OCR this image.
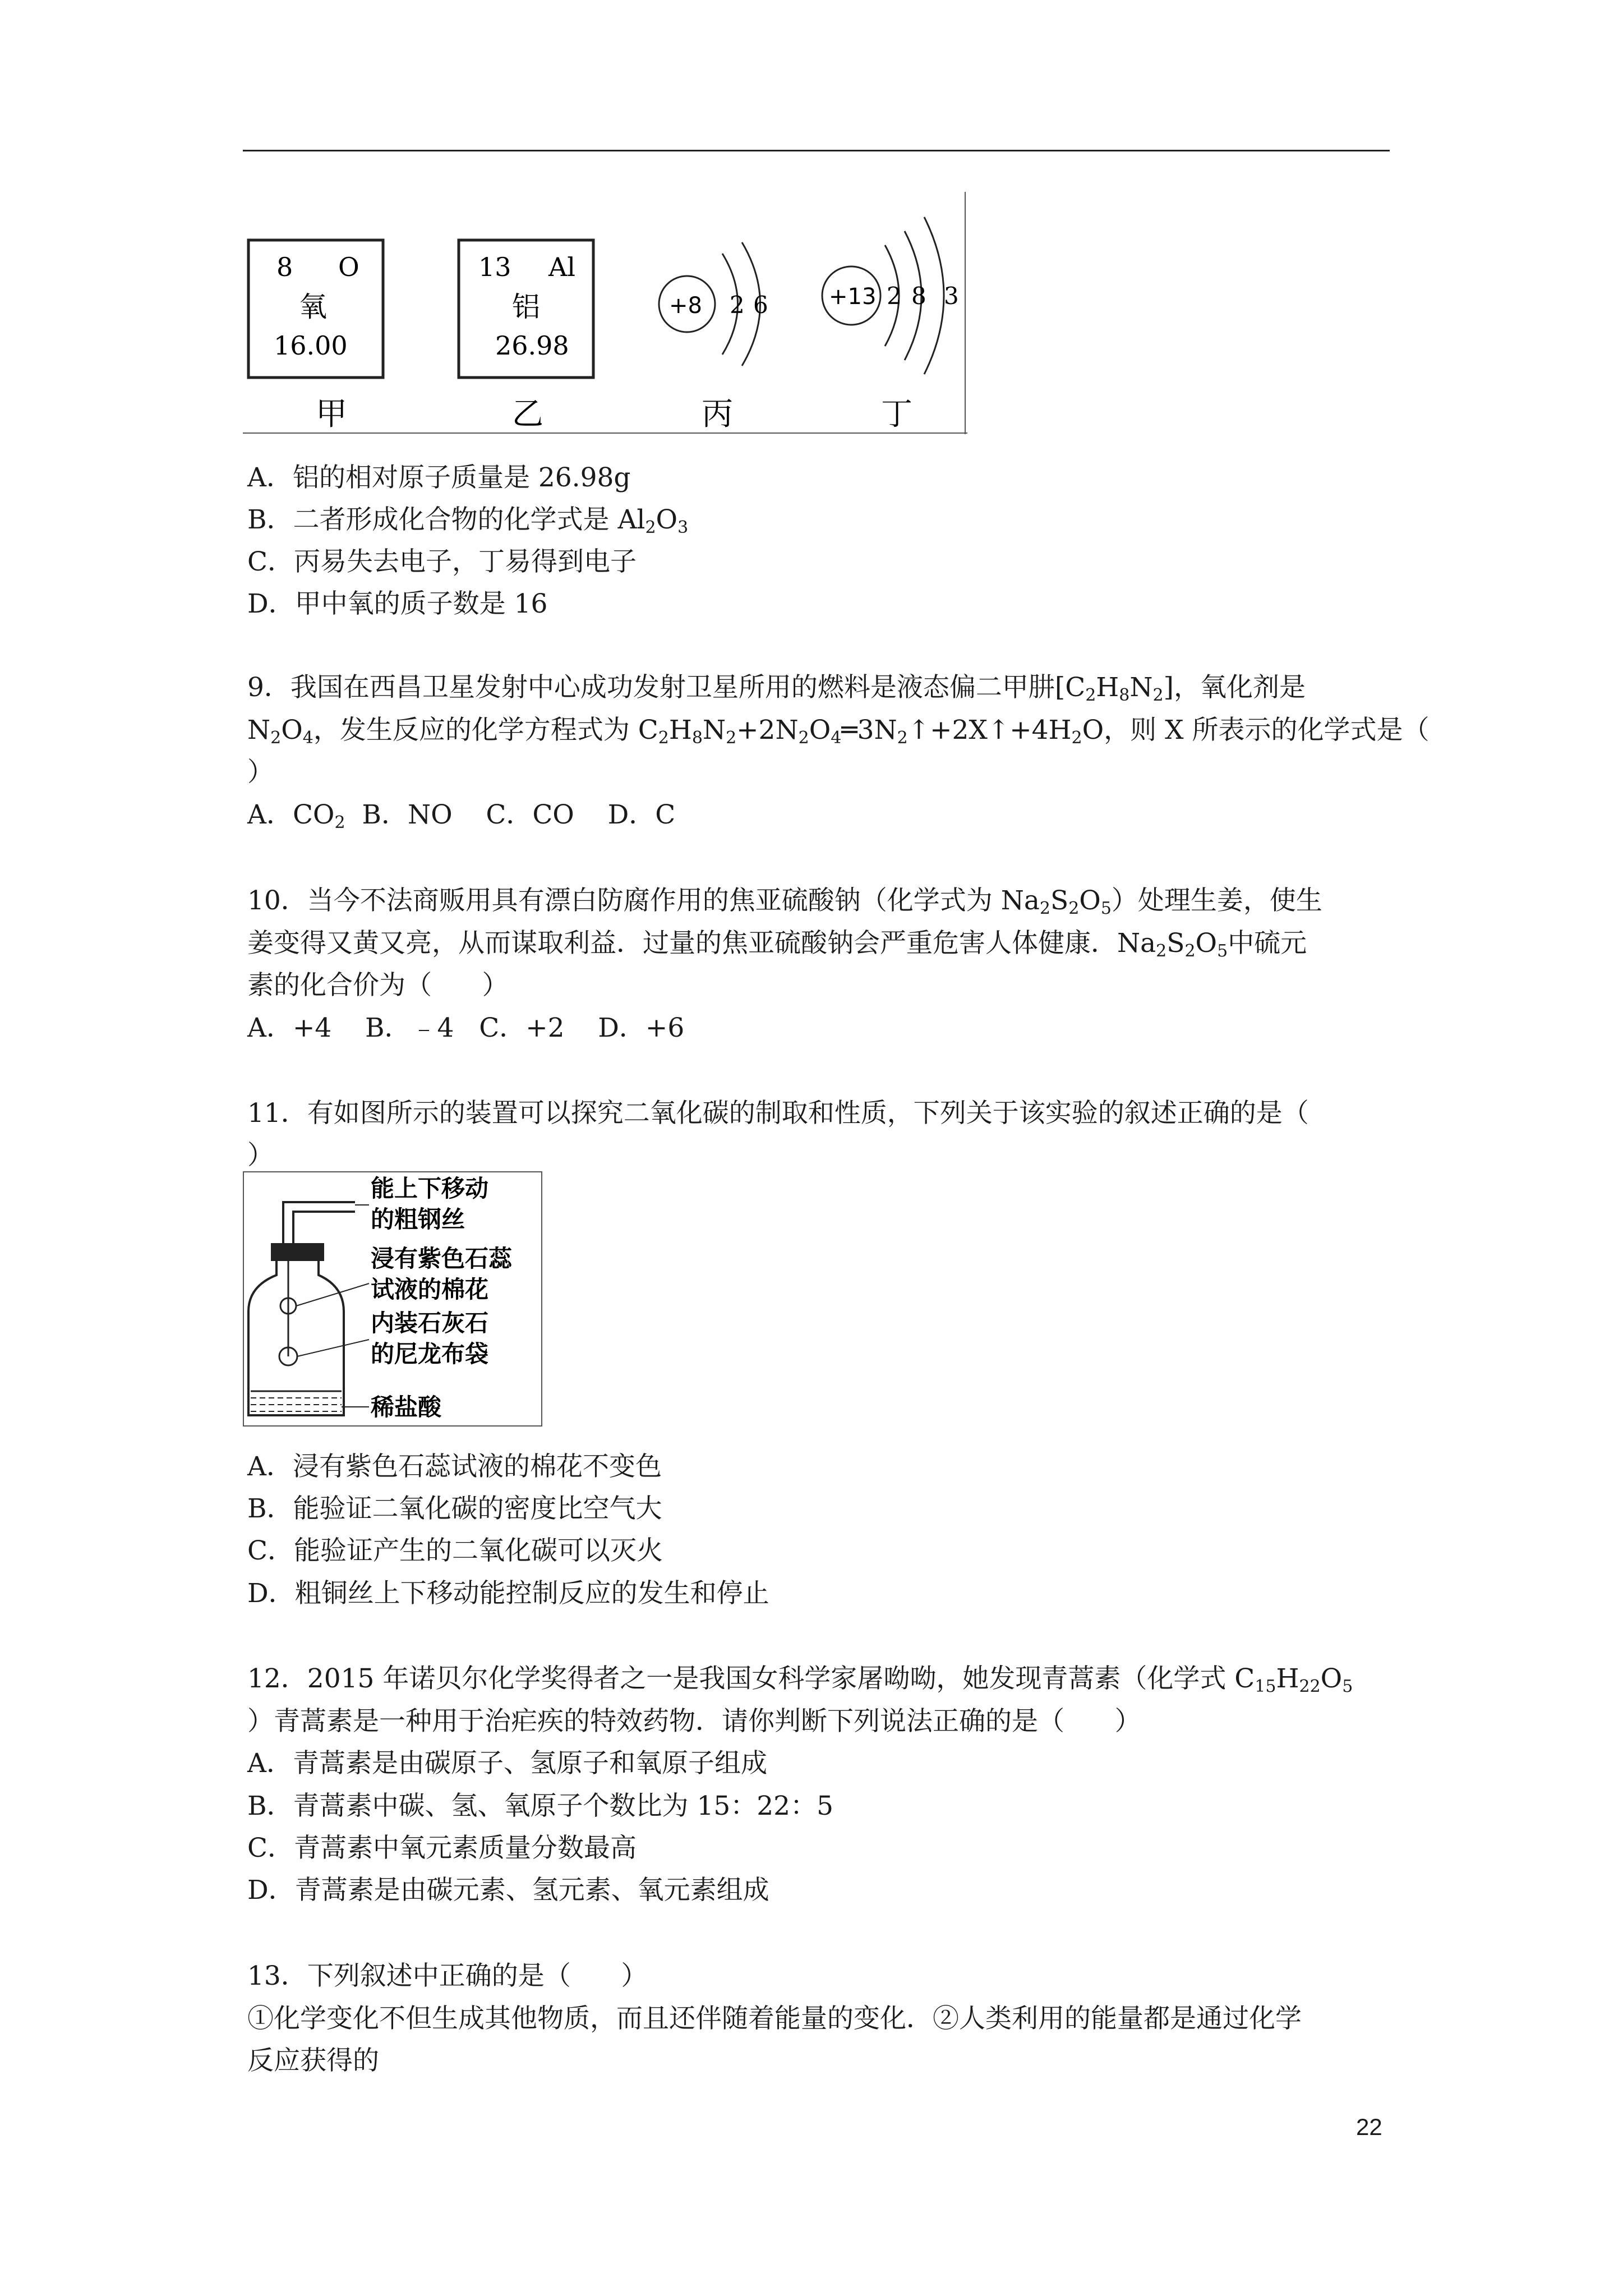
8 O
氧
16.00
13 Al
铝
26.98
+8 2 6	+13 2 8 3
甲	乙	丙	丁
A．铝的相对原子质量是 26.98g
B．二者形成化合物的化学式是 $Al_2O_3$
C．丙易失去电子，丁易得到电子
D．甲中氧的质子数是 16
9．我国在西昌卫星发射中心成功发射卫星所用的燃料是液态偏二甲肼$[C_2H_8N_2]$，氧化剂是
$N_2O_4$，发生反应的化学方程式为 $C_2H_8N_2+2N_2O_4═3N_2↑+2X↑+4H_2O$，则 X 所表示的化学式是（
）
A．$CO_2$  B．NO    C．CO    D．C
10．当今不法商贩用具有漂白防腐作用的焦亚硫酸钠（化学式为 $Na_2S_2O_5$）处理生姜，使生
姜变得又黄又亮，从而谋取利益．过量的焦亚硫酸钠会严重危害人体健康．$Na_2S_2O_5$中硫元
素的化合价为（      ）
A．+4    B．﹣4   C．+2    D．+6
11．有如图所示的装置可以探究二氧化碳的制取和性质，下列关于该实验的叙述正确的是（
）
能上下移动
的粗钢丝
浸有紫色石蕊
试液的棉花
内装石灰石
的尼龙布袋
稀盐酸
A．浸有紫色石蕊试液的棉花不变色
B．能验证二氧化碳的密度比空气大
C．能验证产生的二氧化碳可以灭火
D．粗铜丝上下移动能控制反应的发生和停止
12．2015 年诺贝尔化学奖得者之一是我国女科学家屠呦呦，她发现青蒿素（化学式 $C_{15}H_{22}O_5$
）青蒿素是一种用于治疟疾的特效药物．请你判断下列说法正确的是（      ）
A．青蒿素是由碳原子、氢原子和氧原子组成
B．青蒿素中碳、氢、氧原子个数比为 15：22：5
C．青蒿素中氧元素质量分数最高
D．青蒿素是由碳元素、氢元素、氧元素组成
13．下列叙述中正确的是（      ）
①化学变化不但生成其他物质，而且还伴随着能量的变化．②人类利用的能量都是通过化学
反应获得的
22
